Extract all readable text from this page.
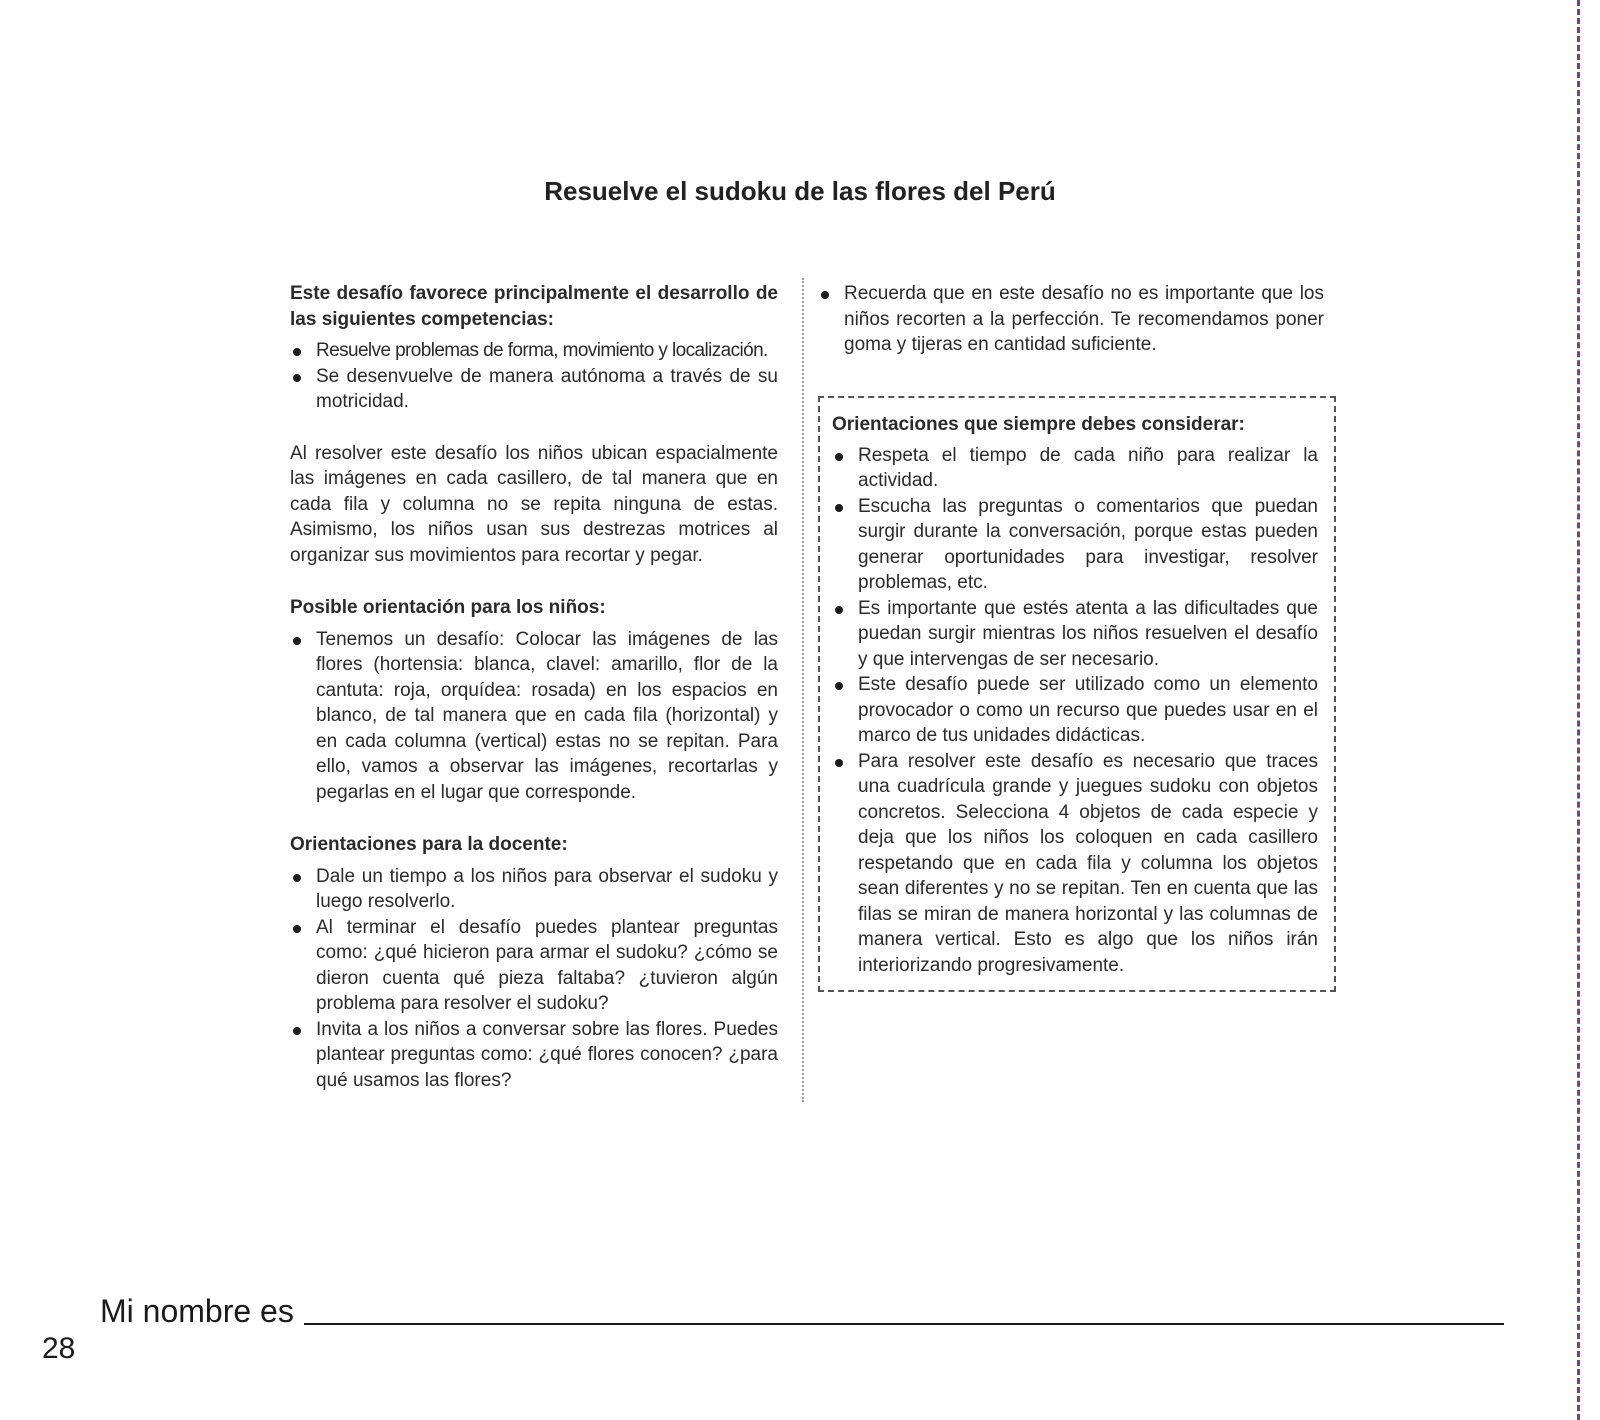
Resuelve el sudoku de las flores del Perú

Este desafío favorece principalmente el desarrollo de las siguientes competencias:

Resuelve problemas de forma, movimiento y localización.
Se desenvuelve de manera autónoma a través de su motricidad.

Al resolver este desafío los niños ubican espacialmente las imágenes en cada casillero, de tal manera que en cada fila y columna no se repita ninguna de estas. Asimismo, los niños usan sus destrezas motrices al organizar sus movimientos para recortar y pegar.

Posible orientación para los niños:

Tenemos un desafío: Colocar las imágenes de las flores (hortensia: blanca, clavel: amarillo, flor de la cantuta: roja, orquídea: rosada) en los espacios en blanco, de tal manera que en cada fila (horizontal) y en cada columna (vertical) estas no se repitan. Para ello, vamos a observar las imágenes, recortarlas y pegarlas en el lugar que corresponde.

Orientaciones para la docente:

Dale un tiempo a los niños para observar el sudoku y luego resolverlo.
Al terminar el desafío puedes plantear preguntas como: ¿qué hicieron para armar el sudoku? ¿cómo se dieron cuenta qué pieza faltaba? ¿tuvieron algún problema para resolver el sudoku?
Invita a los niños a conversar sobre las flores. Puedes plantear preguntas como: ¿qué flores conocen? ¿para qué usamos las flores?
Recuerda que en este desafío no es importante que los niños recorten a la perfección. Te recomendamos poner goma y tijeras en cantidad suficiente.

Orientaciones que siempre debes considerar:

Respeta el tiempo de cada niño para realizar la actividad.
Escucha las preguntas o comentarios que puedan surgir durante la conversación, porque estas pueden generar oportunidades para investigar, resolver problemas, etc.
Es importante que estés atenta a las dificultades que puedan surgir mientras los niños resuelven el desafío y que intervengas de ser necesario.
Este desafío puede ser utilizado como un elemento provocador o como un recurso que puedes usar en el marco de tus unidades didácticas.
Para resolver este desafío es necesario que traces una cuadrícula grande y juegues sudoku con objetos concretos. Selecciona 4 objetos de cada especie y deja que los niños los coloquen en cada casillero respetando que en cada fila y columna los objetos sean diferentes y no se repitan. Ten en cuenta que las filas se miran de manera horizontal y las columnas de manera vertical. Esto es algo que los niños irán interiorizando progresivamente.

Mi nombre es

28
